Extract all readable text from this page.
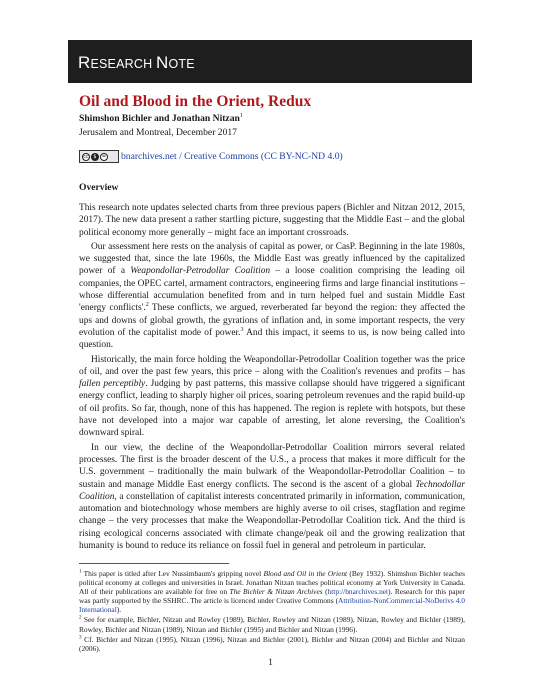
RESEARCH NOTE
Oil and Blood in the Orient, Redux
Shimshon Bichler and Jonathan Nitzan$^1$
Jerusalem and Montreal, December 2017
cc $	= bnarchives.net / Creative Commons (CC BY-NC-ND 4.0)
Overview

This research note updates selected charts from three previous papers (Bichler and Nitzan 2012, 2015, 2017). The new data present a rather startling picture, suggesting that the Middle East – and the global political economy more generally – might face an important crossroads.

Our assessment here rests on the analysis of capital as power, or CasP. Beginning in the late 1980s, we suggested that, since the late 1960s, the Middle East was greatly influenced by the capitalized power of a Weapondollar-Petrodollar Coalition – a loose coalition comprising the leading oil companies, the OPEC cartel, armament contractors, engineering firms and large financial institutions – whose differential accumulation benefited from and in turn helped fuel and sustain Middle East 'energy conflicts'.$^2$ These conflicts, we argued, reverberated far beyond the region: they affected the ups and downs of global growth, the gyrations of inflation and, in some important respects, the very evolution of the capitalist mode of power.$^3$ And this impact, it seems to us, is now being called into question.

Historically, the main force holding the Weapondollar-Petrodollar Coalition together was the price of oil, and over the past few years, this price – along with the Coalition's revenues and profits – has fallen perceptibly. Judging by past patterns, this massive collapse should have triggered a significant energy conflict, leading to sharply higher oil prices, soaring petroleum revenues and the rapid build-up of oil profits. So far, though, none of this has happened. The region is replete with hotspots, but these have not developed into a major war capable of arresting, let alone reversing, the Coalition's downward spiral.

In our view, the decline of the Weapondollar-Petrodollar Coalition mirrors several related processes. The first is the broader descent of the U.S., a process that makes it more difficult for the U.S. government – traditionally the main bulwark of the Weapondollar-Petrodollar Coalition – to sustain and manage Middle East energy conflicts. The second is the ascent of a global Technodollar Coalition, a constellation of capitalist interests concentrated primarily in information, communication, automation and biotechnology whose members are highly averse to oil crises, stagflation and regime change – the very processes that make the Weapondollar-Petrodollar Coalition tick. And the third is rising ecological concerns associated with climate change/peak oil and the growing realization that humanity is bound to reduce its reliance on fossil fuel in general and petroleum in particular.

$^1$ This paper is titled after Lev Nussimbaum's gripping novel Blood and Oil in the Orient (Bey 1932). Shimshon Bichler teaches political economy at colleges and universities in Israel. Jonathan Nitzan teaches political economy at York University in Canada. All of their publications are available for free on The Bichler & Nitzan Archives (http://bnarchives.net). Research for this paper was partly supported by the SSHRC. The article is licenced under Creative Commons (Attribution-NonCommercial-NoDerivs 4.0 International).

$^2$ See for example, Bichler, Nitzan and Rowley (1989), Bichler, Rowley and Nitzan (1989), Nitzan, Rowley and Bichler (1989), Rowley, Bichler and Nitzan (1989), Nitzan and Bichler (1995) and Bichler and Nitzan (1996).

$^3$ Cf. Bichler and Nitzan (1995), Nitzan (1996), Nitzan and Bichler (2001), Bichler and Nitzan (2004) and Bichler and Nitzan (2006).

1
